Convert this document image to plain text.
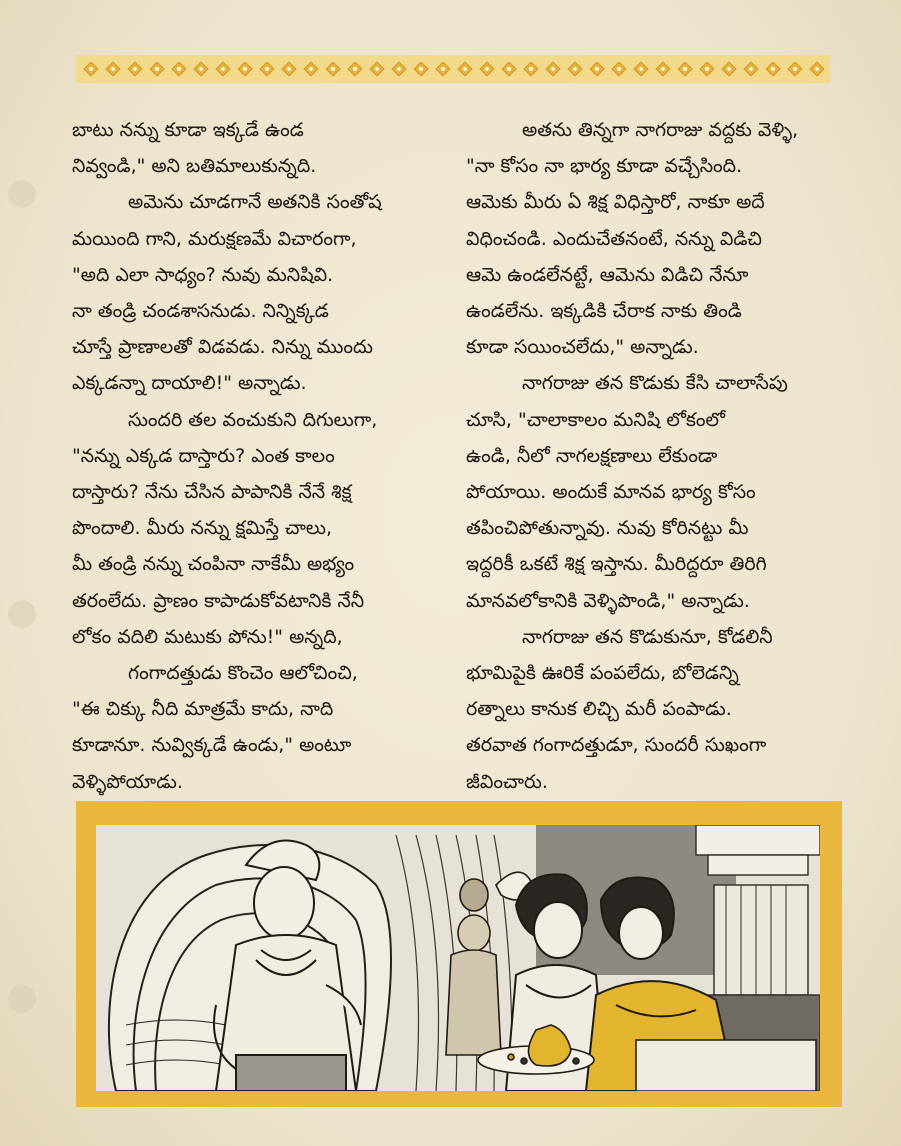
బాటు నన్ను కూడా ఇక్కడే ఉండ
నివ్వండి," అని బతిమాలుకున్నది.

అమెను చూడగానే అతనికి సంతోష
మయింది గాని, మరుక్షణమే విచారంగా,
"అది ఎలా సాధ్యం? నువు మనిషివి.
నా తండ్రి చండశాసనుడు. నిన్నిక్కడ
చూస్తే ప్రాణాలతో విడవడు. నిన్ను ముందు
ఎక్కడన్నా దాయాలి!" అన్నాడు.

సుందరి తల వంచుకుని దిగులుగా,
"నన్ను ఎక్కడ దాస్తారు? ఎంత కాలం
దాస్తారు? నేను చేసిన పాపానికి నేనే శిక్ష
పొందాలి. మీరు నన్ను క్షమిస్తే చాలు,
మీ తండ్రి నన్ను చంపినా నాకేమీ అభ్యం
తరంలేదు. ప్రాణం కాపాడుకోవటానికి నేనీ
లోకం వదిలి మటుకు పోను!" అన్నది,

గంగాదత్తుడు కొంచెం ఆలోచించి,
"ఈ చిక్కు నీది మాత్రమే కాదు, నాది
కూడానూ. నువ్విక్కడే ఉండు," అంటూ
వెళ్ళిపోయాడు.

అతను తిన్నగా నాగరాజు వద్దకు వెళ్ళి,
"నా కోసం నా భార్య కూడా వచ్చేసింది.
ఆమెకు మీరు ఏ శిక్ష విధిస్తారో, నాకూ అదే
విధించండి. ఎందుచేతనంటే, నన్ను విడిచి
ఆమె ఉండలేనట్టే, ఆమెను విడిచి నేనూ
ఉండలేను. ఇక్కడికి చేరాక నాకు తిండి
కూడా సయించలేదు," అన్నాడు.

నాగరాజు తన కొడుకు కేసి చాలాసేపు
చూసి, "చాలాకాలం మనిషి లోకంలో
ఉండి, నీలో నాగలక్షణాలు లేకుండా
పోయాయి. అందుకే మానవ భార్య కోసం
తపించిపోతున్నావు. నువు కోరినట్టు మీ
ఇద్దరికీ ఒకటే శిక్ష ఇస్తాను. మీరిద్దరూ తిరిగి
మానవలోకానికి వెళ్ళిపొండి," అన్నాడు.

నాగరాజు తన కొడుకునూ, కోడలినీ
భూమిపైకి ఊరికే పంపలేదు, బోలెడన్ని
రత్నాలు కానుక లిచ్చి మరీ పంపాడు.
తరవాత గంగాదత్తుడూ, సుందరీ సుఖంగా
జీవించారు.
